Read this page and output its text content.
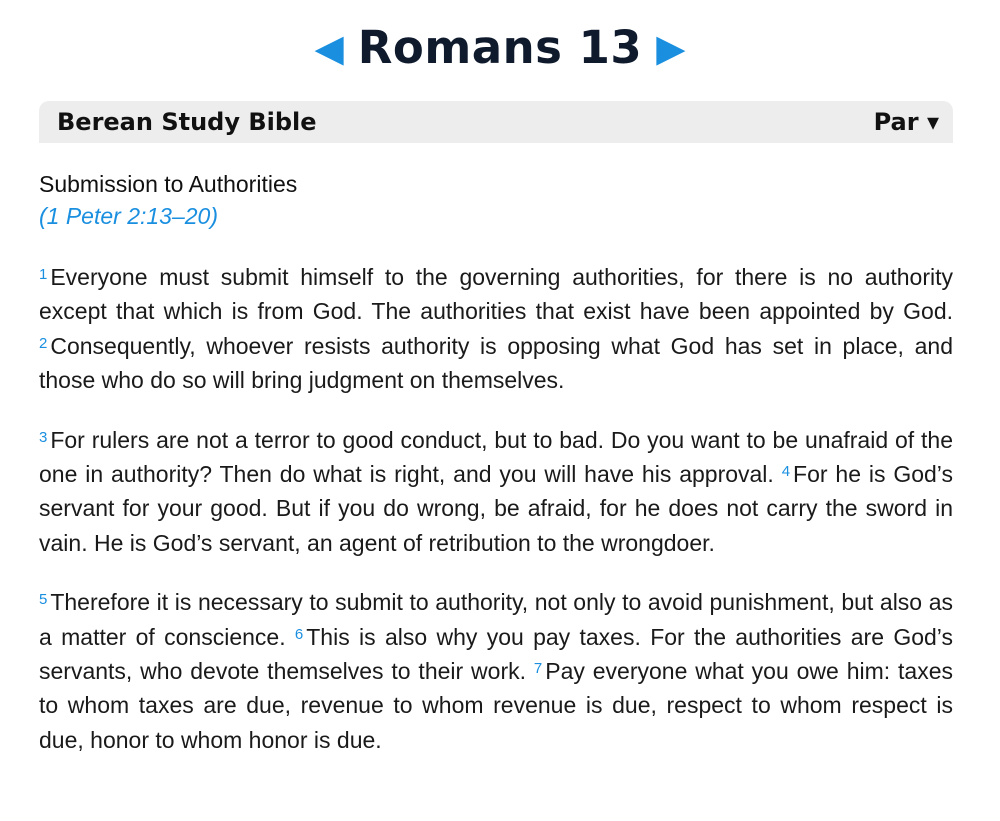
◀ Romans 13 ▶
Berean Study Bible	Par ▾

Submission to Authorities

(1 Peter 2:13–20)

$^1$ Everyone must submit himself to the governing authorities, for there is no authority except that which is from God. The authorities that exist have been appointed by God. $^2$ Consequently, whoever resists authority is opposing what God has set in place, and those who do so will bring judgment on themselves.

$^3$ For rulers are not a terror to good conduct, but to bad. Do you want to be unafraid of the one in authority? Then do what is right, and you will have his approval. $^4$ For he is God’s servant for your good. But if you do wrong, be afraid, for he does not carry the sword in vain. He is God’s servant, an agent of retribution to the wrongdoer.

$^5$ Therefore it is necessary to submit to authority, not only to avoid punishment, but also as a matter of conscience. $^6$ This is also why you pay taxes. For the authorities are God’s servants, who devote themselves to their work. $^7$ Pay everyone what you owe him: taxes to whom taxes are due, revenue to whom revenue is due, respect to whom respect is due, honor to whom honor is due.
